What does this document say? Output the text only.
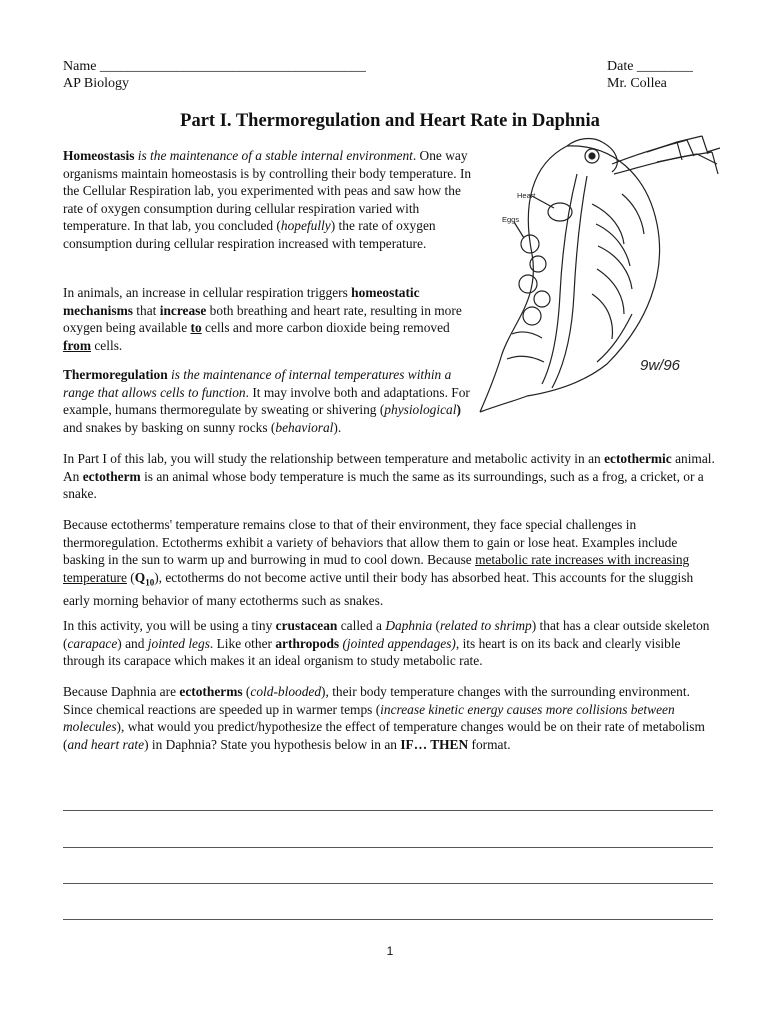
Name ______________________________________
AP Biology
Date ________
Mr. Collea
Part I. Thermoregulation and Heart Rate in Daphnia
Heart
Eggs
9w/96

Homeostasis is the maintenance of a stable internal environment. One way organisms maintain homeostasis is by controlling their body temperature. In the Cellular Respiration lab, you experimented with peas and saw how the rate of oxygen consumption during cellular respiration varied with temperature. In that lab, you concluded (hopefully) the rate of oxygen consumption during cellular respiration increased with temperature.

In animals, an increase in cellular respiration triggers homeostatic mechanisms that increase both breathing and heart rate, resulting in more oxygen being available to cells and more carbon dioxide being removed from cells.

Thermoregulation is the maintenance of internal temperatures within a range that allows cells to function. It may involve both and adaptations. For example, humans thermoregulate by sweating or shivering (physiological) and snakes by basking on sunny rocks (behavioral).

In Part I of this lab, you will study the relationship between temperature and metabolic activity in an ectothermic animal. An ectotherm is an animal whose body temperature is much the same as its surroundings, such as a frog, a cricket, or a snake.

Because ectotherms' temperature remains close to that of their environment, they face special challenges in thermoregulation. Ectotherms exhibit a variety of behaviors that allow them to gain or lose heat. Examples include basking in the sun to warm up and burrowing in mud to cool down. Because metabolic rate increases with increasing temperature $(Q_{10})$, ectotherms do not become active until their body has absorbed heat. This accounts for the sluggish early morning behavior of many ectotherms such as snakes.

In this activity, you will be using a tiny crustacean called a Daphnia (related to shrimp) that has a clear outside skeleton (carapace) and jointed legs. Like other arthropods (jointed appendages), its heart is on its back and clearly visible through its carapace which makes it an ideal organism to study metabolic rate.

Because Daphnia are ectotherms (cold-blooded), their body temperature changes with the surrounding environment. Since chemical reactions are speeded up in warmer temps (increase kinetic energy causes more collisions between molecules), what would you predict/hypothesize the effect of temperature changes would be on their rate of metabolism (and heart rate) in Daphnia? State you hypothesis below in an IF… THEN format.

1
